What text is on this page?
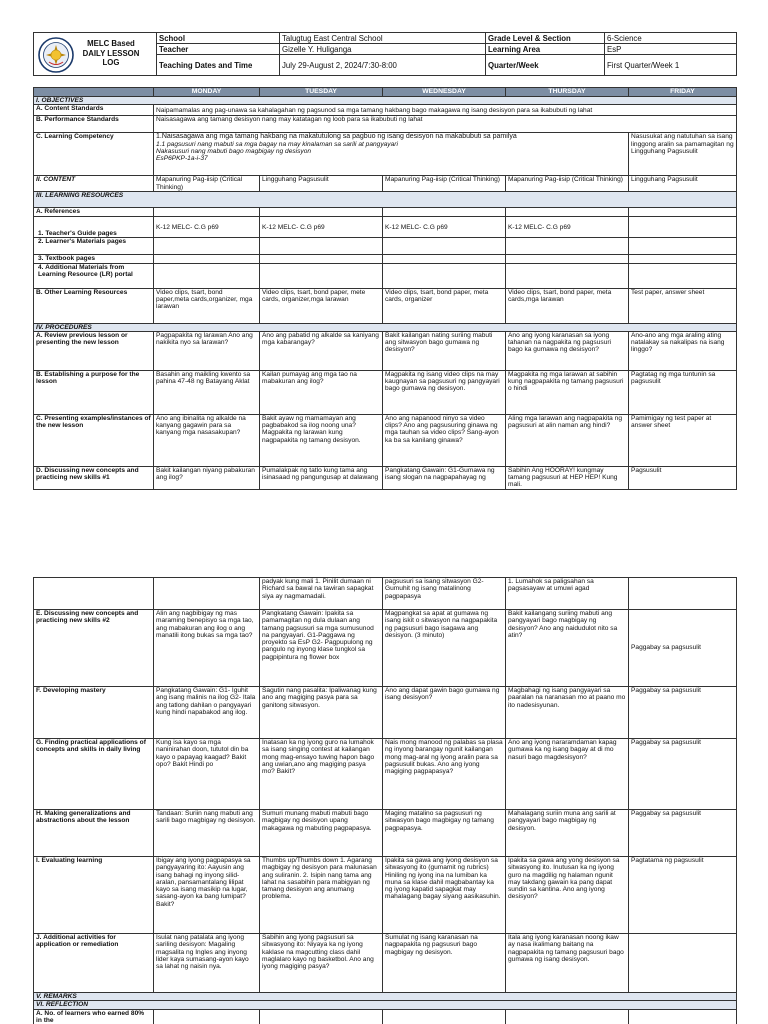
MELC Based DAILY LESSON LOG	School	Talugtug East Central School	Grade Level & Section	6-Science
	Teacher	Gizelle Y. Huliganga	Learning Area	EsP
	Teaching Dates and Time	July 29-August 2, 2024/7:30-8:00	Quarter/Week	First Quarter/Week 1
	MONDAY	TUESDAY	WEDNESDAY	THURSDAY	FRIDAY
I. OBJECTIVES					
A. Content Standards	Naipamamalas ang pag-unawa sa kahalagahan ng pagsunod sa mga tamang hakbang bago makagawa ng isang desisyon para sa ikabubuti ng lahat				
B. Performance Standards	Naisasagawa ang tamang desisyon nang may katatagan ng loob para sa ikabubuti ng lahat				
C. Learning Competency	1.Naisasagawa ang mga tamang hakbang na makatutulong sa pagbuo ng isang desisyon na makabubuti sa pamilya
1.1 pagsusuri nang mabuti sa mga bagay na may kinalaman sa sarili at pangyayari
Nakasusuri nang mabuti bago magbigay ng desisyon
EsP6PKP-1a-i-37				Nasusukat ang natutuhan sa isang linggong aralin sa pamamagitan ng Lingguhang Pagsusulit
II. CONTENT	Mapanuring Pag-iisip (Critical Thinking)	Lingguhang Pagsusulit	Mapanuring Pag-iisip (Critical Thinking)	Mapanuring Pag-iisip (Critical Thinking)	Lingguhang Pagsusulit
III. LEARNING RESOURCES					
A. References					
1. Teacher's Guide pages	K-12 MELC- C.G p69	K-12 MELC- C.G p69	K-12 MELC- C.G p69	K-12 MELC- C.G p69	
2. Learner's Materials pages					
3. Textbook pages					
4. Additional Materials from Learning Resource (LR) portal					
B. Other Learning Resources	Video clips, tsart, bond paper,meta cards,organizer, mga larawan	Video clips, tsart, bond paper, mete cards, organizer,mga larawan	Video clips, tsart, bond paper, meta cards, organizer	Video clips, tsart, bond paper, meta cards,mga larawan	Test paper, answer sheet
IV. PROCEDURES					
A. Review previous lesson or presenting the new lesson	Pagpapakita ng larawan Ano ang nakikita nyo sa larawan?	Ano ang pabatid ng alkalde sa kaniyang mga kabarangay?	Bakit kailangan nating suriing mabuti ang sitwasyon bago gumawa ng desisyon?	Ano ang iyong karanasan sa iyong tahanan na nagpakita ng pagsusuri bago ka gumawa ng desisyon?	Ano-ano ang mga araling ating natalakay sa nakalipas na isang linggo?
B. Establishing a purpose for the lesson	Basahin ang maikling kwento sa pahina 47-48 ng Batayang Aklat	Kailan pumayag ang mga tao na mabakuran ang ilog?	Magpakita ng isang video clips na may kaugnayan sa pagsusuri ng pangyayari bago gumawa ng desisyon.	Magpakita ng mga larawan at sabihin kung nagpapakita ng tamang pagsusuri o hindi	Pagtatag ng mga tuntunin sa pagsusulit
C. Presenting examples/instances of the new lesson	Ano ang ibinalita ng alkalde na kanyang gagawin para sa kanyang mga nasasakupan?	Bakit ayaw ng mamamayan ang pagbabakod sa ilog noong una? Magpakita ng larawan kung nagpapakita ng tamang desisyon.	Ano ang napanood ninyo sa video clips? Ano ang pagsusuring ginawa ng mga tauhan sa video clips? Sang-ayon ka ba sa kanilang ginawa?	Aling mga larawan ang nagpapakita ng pagsusuri at alin naman ang hindi?	Pamimigay ng test paper at answer sheet
D. Discussing new concepts and practicing new skills #1	Bakit kailangan niyang pabakuran ang ilog?	Pumalakpak ng tatlo kung tama ang isinasaad ng pangungusap at dalawang	Pangkatang Gawain: G1-Gumawa ng isang slogan na nagpapahayag ng	Sabihin Ang HOORAY! kungmay tamang pagsusuri at HEP HEP! Kung mali.	Pagsusulit
		padyak kung mali 1. Pinilit dumaan ni Richard sa bawal na tawiran sapagkat siya ay nagmamadali.	pagsusuri sa isang sitwasyon G2- Gumuhit ng isang matalinong pagpapasya	1. Lumahok sa paligsahan sa pagsasayaw at umuwi agad	
E. Discussing new concepts and practicing new skills #2	Alin ang nagbibigay ng mas maraming benepisyo sa mga tao, ang mabakuran ang ilog o ang manatili itong bukas sa mga tao?	Pangkatang Gawain: Ipakita sa pamamagitan ng dula dulaan ang tamang pagsusuri sa mga sumusunod na pangyayari. G1-Paggawa ng proyekto sa EsP G2- Pagpupulong ng pangulo ng inyong klase tungkol sa pagpipintura ng flower box	Magpangkat sa apat at gumawa ng isang iskit o sitwasyon na nagpapakita ng pagsusuri bago isagawa ang desisyon. (3 minuto)	Bakit kailangang suriing mabuti ang pangyayari bago magbigay ng desisyon? Ano ang naidudulot nito sa atin?	Paggabay sa pagsusulit
F. Developing mastery	Pangkatang Gawain: G1- Iguhit ang isang malinis na ilog G2- Itala ang tatlong dahilan o pangyayari kung hindi napabakod ang ilog.	Sagutin nang pasalita: Ipaliwanag kung ano ang magiging pasya para sa ganitong sitwasyon.	Ano ang dapat gawin bago gumawa ng isang desisyon?	Magbahagi ng isang pangyayari sa paaralan na naranasan mo at paano mo ito nadesisyunan.	Paggabay sa pagsusulit
G. Finding practical applications of concepts and skills in daily living	Kung isa kayo sa mga naninirahan doon, tututol din ba kayo o papayag kaagad? Bakit opo? Bakit Hindi po	Inatasan ka ng iyong guro na lumahok sa isang singing contest at kailangan mong mag-ensayo tuwing hapon bago ang uwian,ano ang magiging pasya mo? Bakit?	Nais mong manood ng palabas sa plasa ng inyong barangay ngunit kailangan mong mag-aral ng iyong aralin para sa pagsusulit bukas. Ano ang iyong magiging pagpapasya?	Ano ang iyong nararamdaman kapag gumawa ka ng isang bagay at di mo nasuri bago magdesisyon?	Paggabay sa pagsusulit
H. Making generalizations and abstractions about the lesson	Tandaan: Suriin nang mabuti ang sarili bago magbigay ng desisyon.	Sumuri munang mabuti mabuti bago magbigay ng desisyon upang makagawa ng mabuting pagpapasya.	Maging matalino sa pagsusuri ng sitwasyon bago magbigay ng tamang pagpapasya.	Mahalagang suriin muna ang sarili at pangyayari bago magbigay ng desisyon.	Paggabay sa pagsusulit
I. Evaluating learning	Ibigay ang iyong pagpapasya sa pangyayaring ito: Aayusin ang isang bahagi ng inyong silid-aralan, pansamantalang lilipat kayo sa isang masikip na lugar, sasang-ayon ka bang lumipat? Bakit?	Thumbs up/Thumbs down 1. Agarang magbigay ng desisyon para malunasan ang suliranin. 2. Isipin nang tama ang lahat na sasabihin para mabigyan ng tamang desisyon ang anumang problema.	Ipakita sa gawa ang iyong desisyon sa sitwasyong ito (gumamit ng rubrics) Hiniling ng iyong ina na lumiban ka muna sa klase dahil magbabantay ka ng iyong kapatid sapagkat may mahalagang bagay siyang aasikasuhin.	Ipakita sa gawa ang yong desisyon sa sitwasyong ito. Inutusan ka ng iyong guro na magdilig ng halaman ngunit may takdang gawain ka pang dapat sundin sa kantina. Ano ang iyong desisyon?	Pagtatama ng pagsusulit
J. Additional activities for application or remediation	Isulat nang patalata ang iyong sariling desisyon: Magaling magsalita ng Ingles ang inyong lider kaya sumasang-ayon kayo sa lahat ng naisin nya.	Sabihin ang iyong pagsusuri sa sitwasyong ito: Niyaya ka ng iyong kaklase na magcutting class dahil maglalaro kayo ng basketbol. Ano ang iyong magiging pasya?	Sumulat ng isang karanasan na nagpapakita ng pagsusuri bago magbigay ng desisyon.	Itala ang iyong karanasan noong ikaw ay nasa ikalimang baitang na nagpapakita ng tamang pagsusuri bago gumawa ng isang desisyon.	
V. REMARKS					
VI. REFLECTION					
A. No. of learners who earned 80% in the					
